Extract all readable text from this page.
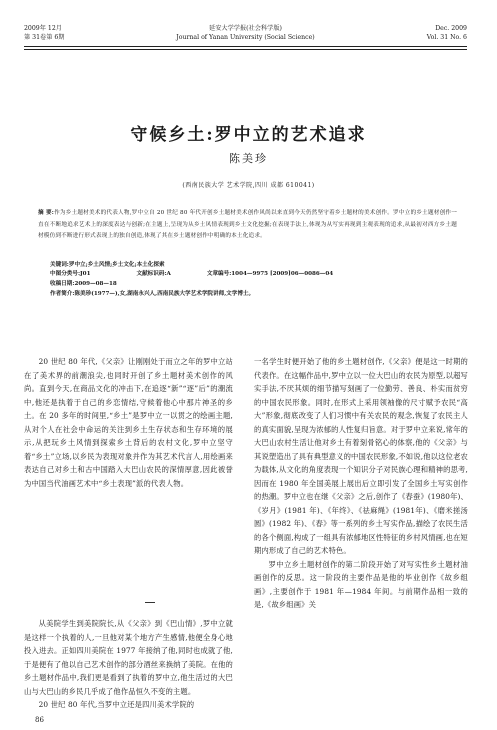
2009年 12月
第 31卷第 6期
延安大学学报(社会科学版)
Journal of Yanan University (Social Science)
Dec. 2009
Vol. 31 No. 6
守候乡土:罗中立的艺术追求
陈美珍
(西南民族大学 艺术学院,四川 成都 610041)
摘 要:作为乡土题材美术的代表人物,罗中立自 20 世纪 80 年代开创乡土题材美术创作风尚以来直到今天仍然坚守着乡土题材的美术创作。罗中立的乡土题材创作一直在不断地追求艺术上的深度表达与创新;在主题上,呈现为从乡土风情表现到乡土文化挖掘;在表现手法上,体现为从写实再现到主观表现的追求,从最初对西方乡土题材模仿到不断进行形式表现上的独自创造,体现了其在乡土题材创作中明确的本土化追求。
关键词:罗中立;乡土风情;乡土文化;本土化探索
中图分类号:J01	文献标识码:A	文章编号:1004—9975 [2009]06—0086—04
收稿日期:2009—08—18
作者简介:陈美珍(1977—),女,湖南永兴人,西南民族大学艺术学院讲师,文学博士。

20 世纪 80 年代,《父亲》让刚刚处于而立之年的罗中立站在了美术界的前潮浪尖,也同时开创了乡土题材美术创作的风尚。直到今天,在商品文化的冲击下,在追逐“新”“逐”后”的潮流中,他还是执着于自己的乡恋情结,守候着他心中那片神圣的乡土。在 20 多年的时间里,“乡土”是罗中立一以贯之的绘画主题,从对个人在社会中命运的关注到乡土生存状态和生存环境的展示,从把玩乡土风情到探索乡土背后的农村文化,罗中立坚守着“乡土”立场,以乡民为表现对象并作为其艺术代言人,用绘画来表达自己对乡土和古中国踏入大巴山农民的深情厚意,因此被誉为中国当代油画艺术中“乡土表现”派的代表人物。

从美院学生到美院院长,从《父亲》到《巴山情》,罗中立就是这样一个执着的人,一旦他对某个地方产生感情,他便全身心地投入进去。正如四川美院在 1977 年接纳了他,同时也成就了他,于是便有了他以自己艺术创作的部分酒丝来换纳了美院。在他的乡土题材作品中,我们更是看到了执着的罗中立,他生活过的大巴山与大巴山的乡民几乎成了他作品恒久不变的主题。

20 世纪 80 年代,当罗中立还是四川美术学院的

一名学生时便开始了他的乡土题材创作,《父亲》便是这一时期的代表作。在这幅作品中,罗中立以一位大巴山的农民为原型,以超写实手法,不厌其烦的细节描写刻画了一位勤劳、善良、朴实而贫穷的中国农民形象。同时,在形式上采用领袖像的尺寸赋予农民“高大”形象,彻底改变了人们习惯中有关农民的观念,恢复了农民主人的真实面貌,呈现为浓郁的人性复归旨意。对于罗中立来说,常年的大巴山农村生活让他对乡土有着刻骨铭心的体察,他的《父亲》与其说塑造出了具有典型意义的中国农民形象,不如说,他以这位老农为载体,从文化的角度表现一个知识分子对民族心理和精神的思考,因而在 1980 年全国美展上展出后立即引发了全国乡土写实创作的热潮。罗中立也在继《父亲》之后,创作了《春蚕》(1980年)、《岁月》(1981 年)、《年终》、《祛麻绳》(1981年)、《磨米搓汤圆》(1982 年)、《春》等一系列的乡土写实作品,描绘了农民生活的各个侧面,构成了一组具有浓郁地区性特征的乡村风情画,也在短期内形成了自己的艺术特色。

罗中立乡土题材创作的第二阶段开始了对写实性乡土题材油画创作的反思。这一阶段的主要作品是他的毕业创作《故乡组画》,主要创作于 1981 年—1984 年间。与前期作品相一致的是,《故乡组画》关

86
